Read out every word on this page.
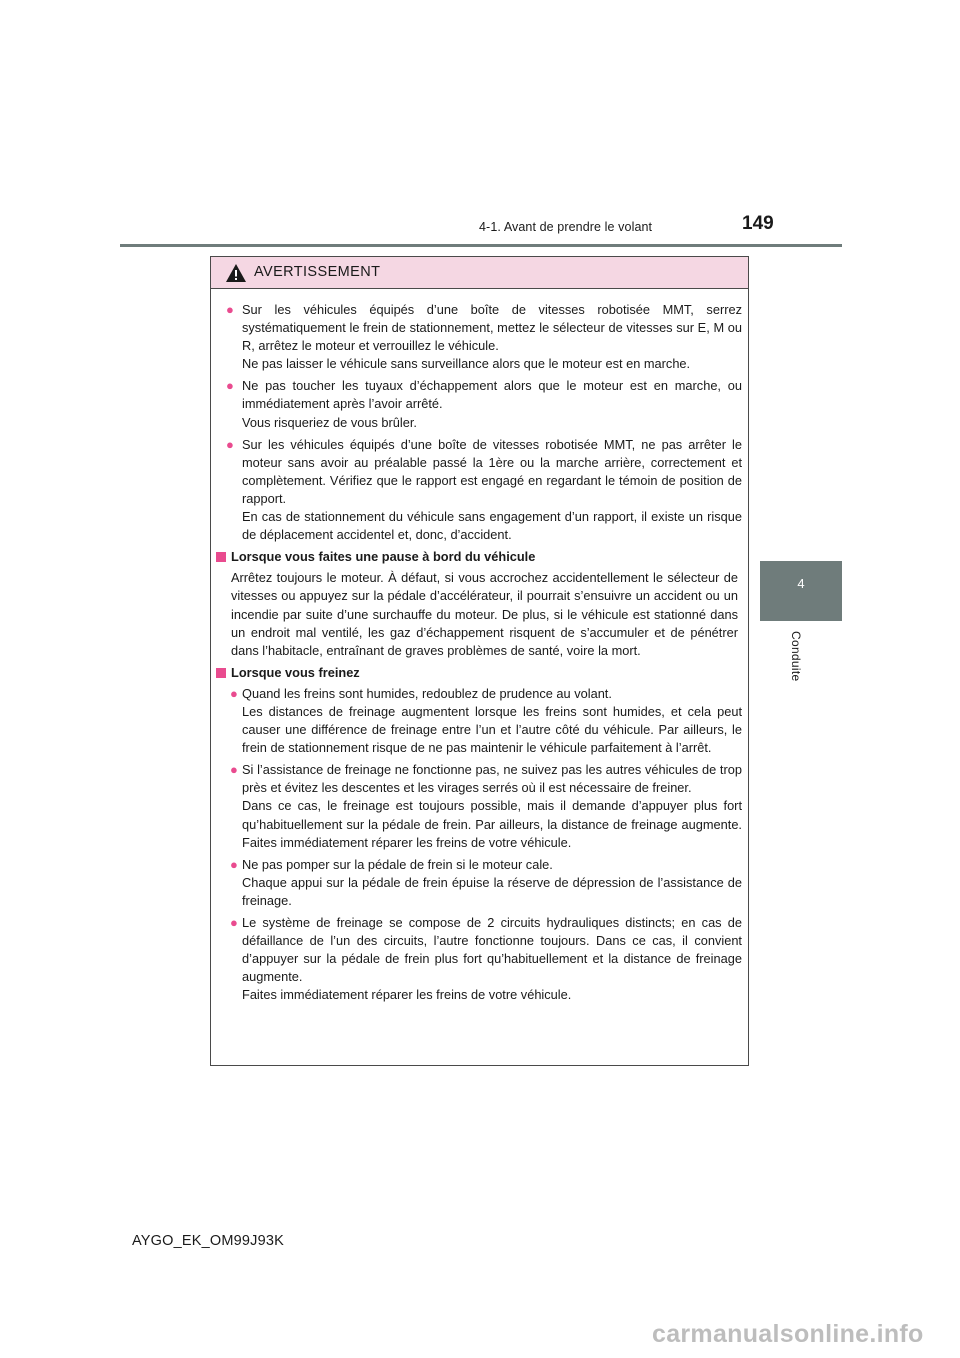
4-1. Avant de prendre le volant	149
4
Conduite
AVERTISSEMENT
● Sur les véhicules équipés d’une boîte de vitesses robotisée MMT, serrez systématiquement le frein de stationnement, mettez le sélecteur de vitesses sur E, M ou R, arrêtez le moteur et verrouillez le véhicule.

Ne pas laisser le véhicule sans surveillance alors que le moteur est en marche.

● Ne pas toucher les tuyaux d’échappement alors que le moteur est en marche, ou immédiatement après l’avoir arrêté.

Vous risqueriez de vous brûler.

● Sur les véhicules équipés d’une boîte de vitesses robotisée MMT, ne pas arrêter le moteur sans avoir au préalable passé la 1ère ou la marche arrière, correctement et complètement. Vérifiez que le rapport est engagé en regardant le témoin de position de rapport.

En cas de stationnement du véhicule sans engagement d’un rapport, il existe un risque de déplacement accidentel et, donc, d’accident.

Lorsque vous faites une pause à bord du véhicule

Arrêtez toujours le moteur. À défaut, si vous accrochez accidentellement le sélecteur de vitesses ou appuyez sur la pédale d’accélérateur, il pourrait s’ensuivre un accident ou un incendie par suite d’une surchauffe du moteur. De plus, si le véhicule est stationné dans un endroit mal ventilé, les gaz d’échappement risquent de s’accumuler et de pénétrer dans l’habitacle, entraînant de graves problèmes de santé, voire la mort.

Lorsque vous freinez
● Quand les freins sont humides, redoublez de prudence au volant.

Les distances de freinage augmentent lorsque les freins sont humides, et cela peut causer une différence de freinage entre l’un et l’autre côté du véhicule. Par ailleurs, le frein de stationnement risque de ne pas maintenir le véhicule parfaitement à l’arrêt.

● Si l’assistance de freinage ne fonctionne pas, ne suivez pas les autres véhicules de trop près et évitez les descentes et les virages serrés où il est nécessaire de freiner.

Dans ce cas, le freinage est toujours possible, mais il demande d’appuyer plus fort qu’habituellement sur la pédale de frein. Par ailleurs, la distance de freinage augmente. Faites immédiatement réparer les freins de votre véhicule.

● Ne pas pomper sur la pédale de frein si le moteur cale.

Chaque appui sur la pédale de frein épuise la réserve de dépression de l’assistance de freinage.

● Le système de freinage se compose de 2 circuits hydrauliques distincts; en cas de défaillance de l’un des circuits, l’autre fonctionne toujours. Dans ce cas, il convient d’appuyer sur la pédale de frein plus fort qu’habituellement et la distance de freinage augmente.

Faites immédiatement réparer les freins de votre véhicule.

AYGO_EK_OM99J93K
carmanualsonline.info
